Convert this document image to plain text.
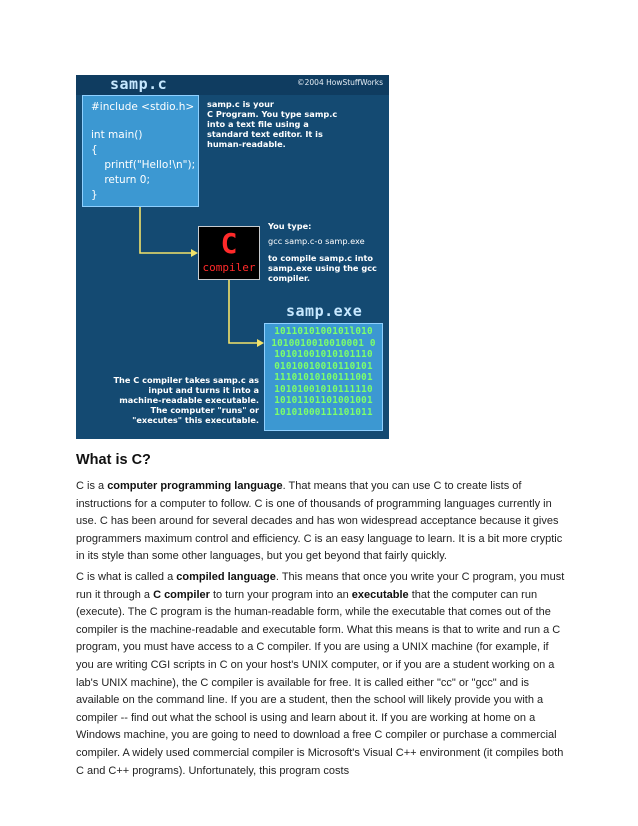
samp.c	©2004 HowStuffWorks
#include <stdio.h>
int main()
{
printf("Hello!\n");
return 0;
}
samp.c is your
C Program. You type samp.c
into a text file using a
standard text editor. It is
human-readable.
C
compiler
You type:
gcc samp.c-o samp.exe
to compile samp.c into
samp.exe using the gcc
compiler.
samp.exe
1011010100101l010
1010010010010001 0
10101001010101110
01010010010110101
11101010100111001
10101001010111110
10101101101001001
10101000111101011
The C compiler takes samp.c as
input and turns it into a
machine-readable executable.
The computer "runs" or
"executes" this executable.
What is C?
C is a computer programming language. That means that you can use C to create lists of instructions for a computer to follow. C is one of thousands of programming languages currently in use. C has been around for several decades and has won widespread acceptance because it gives programmers maximum control and efficiency. C is an easy language to learn. It is a bit more cryptic in its style than some other languages, but you get beyond that fairly quickly.
C is what is called a compiled language. This means that once you write your C program, you must run it through a C compiler to turn your program into an executable that the computer can run (execute). The C program is the human-readable form, while the executable that comes out of the compiler is the machine-readable and executable form. What this means is that to write and run a C program, you must have access to a C compiler. If you are using a UNIX machine (for example, if you are writing CGI scripts in C on your host's UNIX computer, or if you are a student working on a lab's UNIX machine), the C compiler is available for free. It is called either "cc" or "gcc" and is available on the command line. If you are a student, then the school will likely provide you with a compiler -- find out what the school is using and learn about it. If you are working at home on a Windows machine, you are going to need to download a free C compiler or purchase a commercial compiler. A widely used commercial compiler is Microsoft's Visual C++ environment (it compiles both C and C++ programs). Unfortunately, this program costs
